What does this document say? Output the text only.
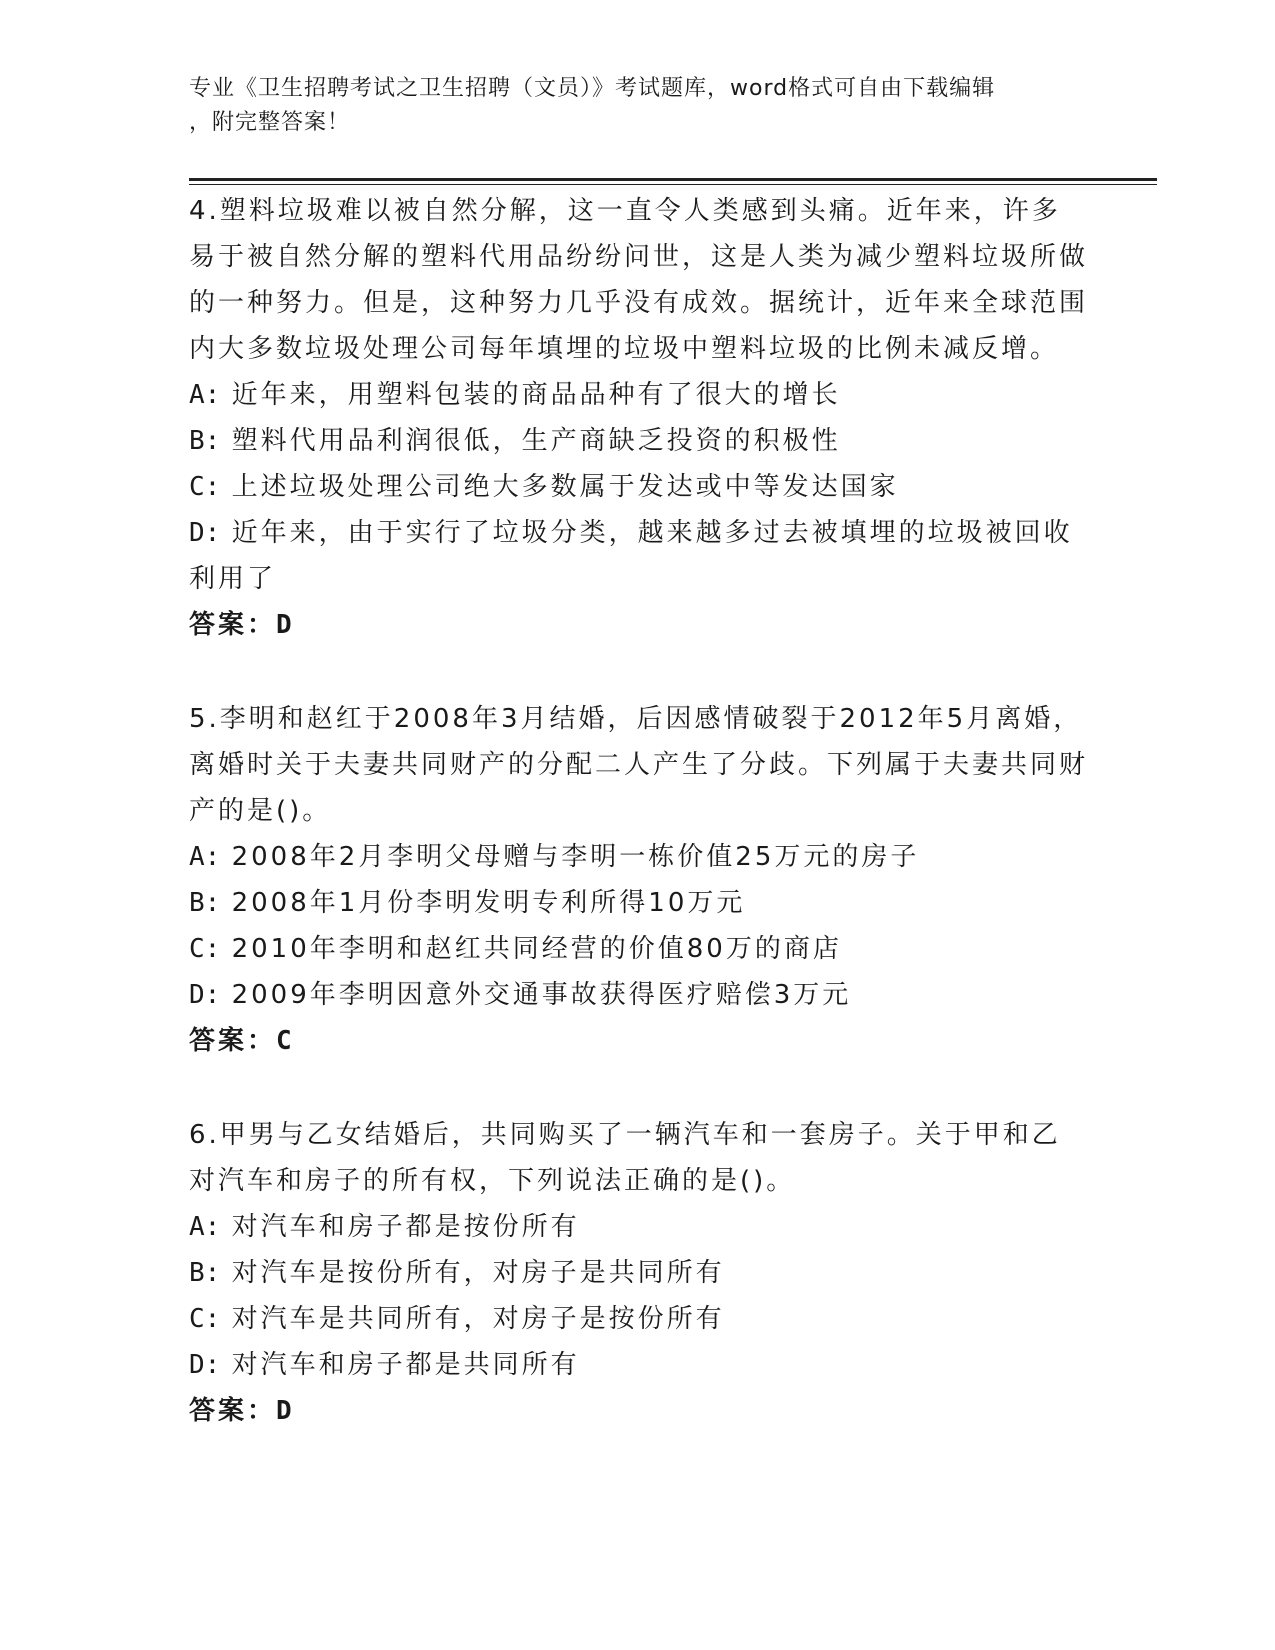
专业《卫生招聘考试之卫生招聘（文员）》考试题库，word格式可自由下载编辑
，附完整答案！

4.塑料垃圾难以被自然分解，这一直令人类感到头痛。近年来，许多易于被自然分解的塑料代用品纷纷问世，这是人类为减少塑料垃圾所做的一种努力。但是，这种努力几乎没有成效。据统计，近年来全球范围内大多数垃圾处理公司每年填埋的垃圾中塑料垃圾的比例未减反增。

A: 近年来，用塑料包装的商品品种有了很大的增长

B: 塑料代用品利润很低，生产商缺乏投资的积极性

C: 上述垃圾处理公司绝大多数属于发达或中等发达国家

D: 近年来，由于实行了垃圾分类，越来越多过去被填埋的垃圾被回收利用了

答案：D

5.李明和赵红于2008年3月结婚，后因感情破裂于2012年5月离婚，离婚时关于夫妻共同财产的分配二人产生了分歧。下列属于夫妻共同财产的是()。

A: 2008年2月李明父母赠与李明一栋价值25万元的房子

B: 2008年1月份李明发明专利所得10万元

C: 2010年李明和赵红共同经营的价值80万的商店

D: 2009年李明因意外交通事故获得医疗赔偿3万元

答案：C

6.甲男与乙女结婚后，共同购买了一辆汽车和一套房子。关于甲和乙对汽车和房子的所有权，下列说法正确的是()。

A: 对汽车和房子都是按份所有

B: 对汽车是按份所有，对房子是共同所有

C: 对汽车是共同所有，对房子是按份所有

D: 对汽车和房子都是共同所有

答案：D
